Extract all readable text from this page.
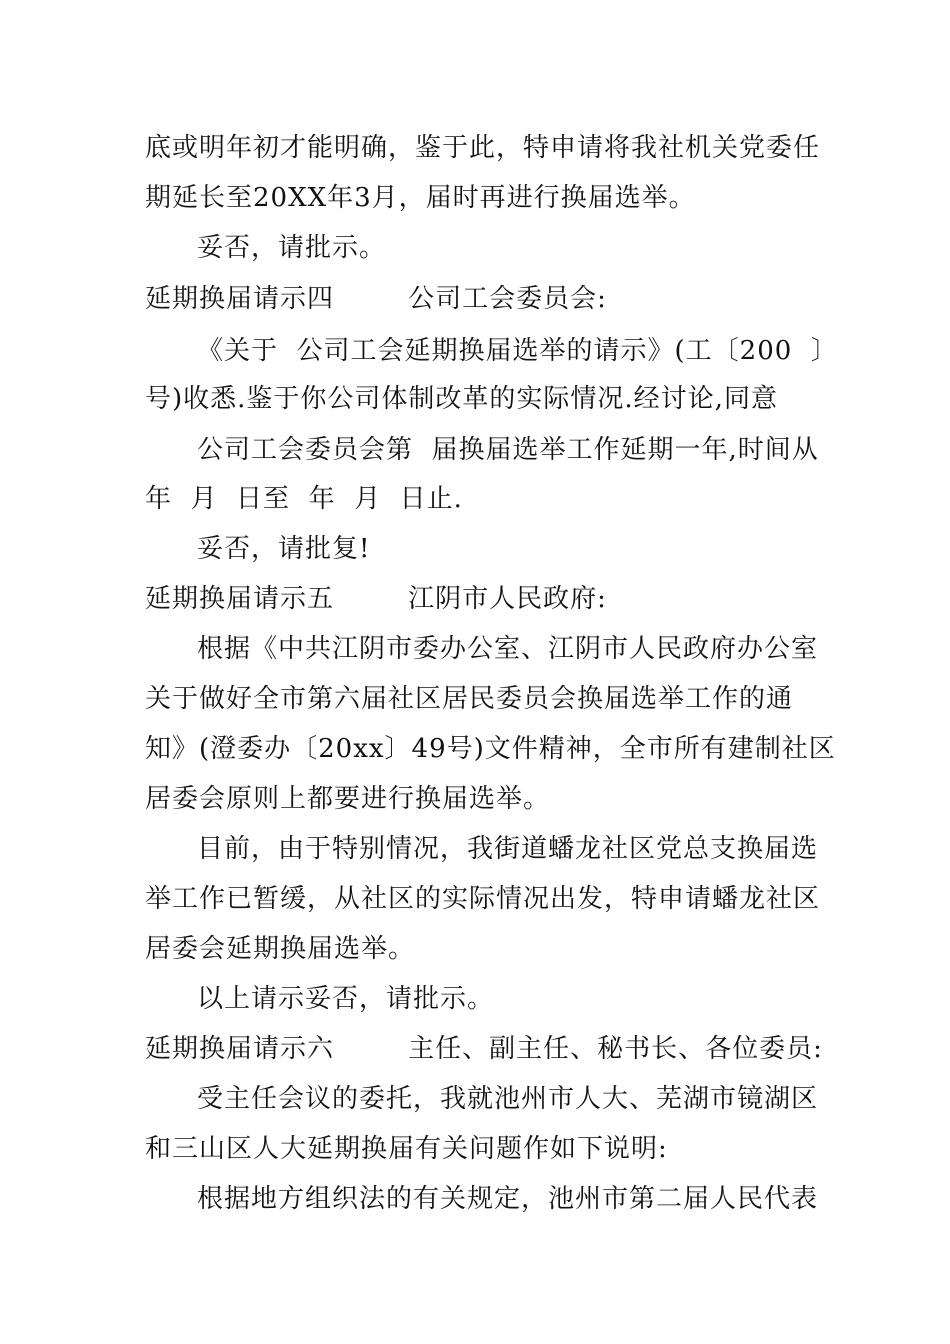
底或明年初才能明确，鉴于此，特申请将我社机关党委任
期延长至20XX年3月，届时再进行换届选举。
妥否，请批示。
延期换届请示四        公司工会委员会:
《关于  公司工会延期换届选举的请示》(工〔200  〕
号)收悉.鉴于你公司体制改革的实际情况.经讨论,同意
公司工会委员会第  届换届选举工作延期一年,时间从
年  月  日至  年  月  日止.
妥否，请批复!
延期换届请示五        江阴市人民政府:
根据《中共江阴市委办公室、江阴市人民政府办公室
关于做好全市第六届社区居民委员会换届选举工作的通
知》(澄委办〔20xx〕49号)文件精神，全市所有建制社区
居委会原则上都要进行换届选举。
目前，由于特别情况，我街道蟠龙社区党总支换届选
举工作已暂缓，从社区的实际情况出发，特申请蟠龙社区
居委会延期换届选举。
以上请示妥否，请批示。
延期换届请示六        主任、副主任、秘书长、各位委员:
受主任会议的委托，我就池州市人大、芜湖市镜湖区
和三山区人大延期换届有关问题作如下说明:
根据地方组织法的有关规定，池州市第二届人民代表
